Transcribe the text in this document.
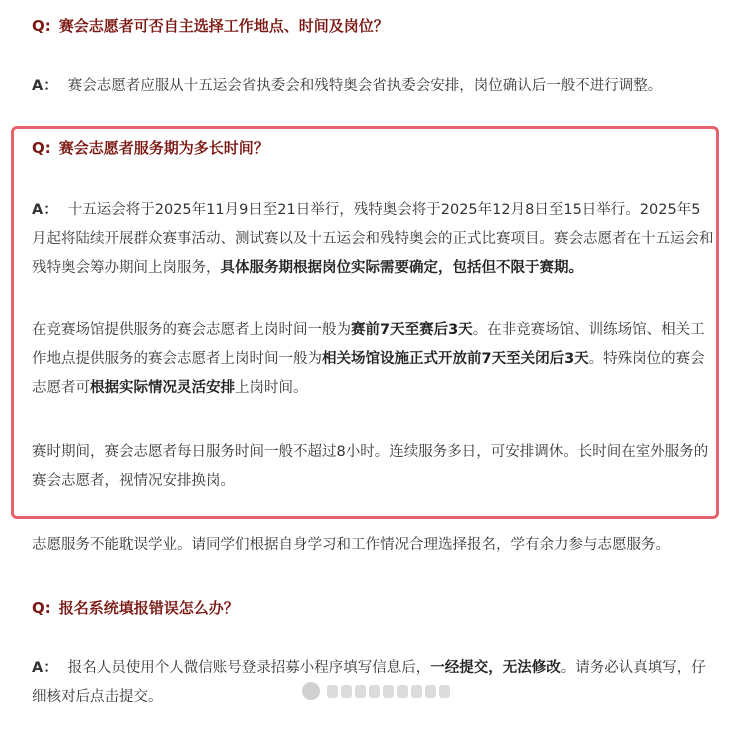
Q: 赛会志愿者可否自主选择工作地点、时间及岗位？
A： 赛会志愿者应服从十五运会省执委会和残特奥会省执委会安排，岗位确认后一般不进行调整。
Q: 赛会志愿者服务期为多长时间？
A： 十五运会将于2025年11月9日至21日举行，残特奥会将于2025年12月8日至15日举行。2025年5月起将陆续开展群众赛事活动、测试赛以及十五运会和残特奥会的正式比赛项目。赛会志愿者在十五运会和残特奥会筹办期间上岗服务，具体服务期根据岗位实际需要确定，包括但不限于赛期。
在竞赛场馆提供服务的赛会志愿者上岗时间一般为赛前7天至赛后3天。在非竞赛场馆、训练场馆、相关工作地点提供服务的赛会志愿者上岗时间一般为相关场馆设施正式开放前7天至关闭后3天。特殊岗位的赛会志愿者可根据实际情况灵活安排上岗时间。
赛时期间，赛会志愿者每日服务时间一般不超过8小时。连续服务多日，可安排调休。长时间在室外服务的赛会志愿者，视情况安排换岗。
志愿服务不能耽误学业。请同学们根据自身学习和工作情况合理选择报名，学有余力参与志愿服务。
Q: 报名系统填报错误怎么办？
A： 报名人员使用个人微信账号登录招募小程序填写信息后，一经提交，无法修改。请务必认真填写，仔细核对后点击提交。
